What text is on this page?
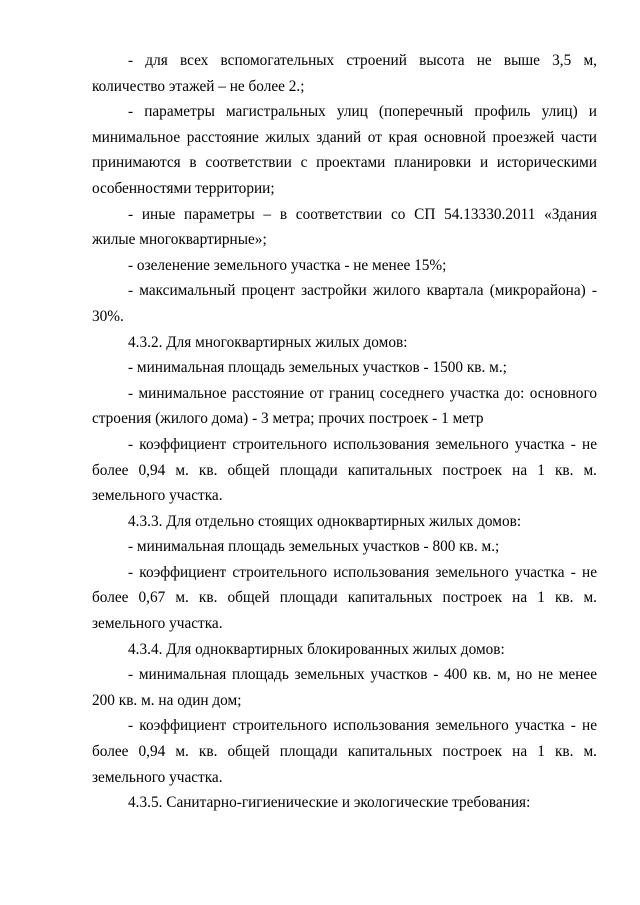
- для всех вспомогательных строений высота не выше 3,5 м, количество этажей – не более 2.;

- параметры магистральных улиц (поперечный профиль улиц) и минимальное расстояние жилых зданий от края основной проезжей части принимаются в соответствии с проектами планировки и историческими особенностями территории;

- иные параметры – в соответствии со СП 54.13330.2011 «Здания жилые многоквартирные»;

- озеленение земельного участка - не менее 15%;

- максимальный процент застройки жилого квартала (микрорайона) - 30%.

4.3.2. Для многоквартирных жилых домов:

- минимальная площадь земельных участков - 1500 кв. м.;

- минимальное расстояние от границ соседнего участка до: основного строения (жилого дома) - 3 метра; прочих построек - 1 метр

- коэффициент строительного использования земельного участка - не более 0,94 м. кв. общей площади капитальных построек на 1 кв. м. земельного участка.

4.3.3. Для отдельно стоящих одноквартирных жилых домов:

- минимальная площадь земельных участков - 800 кв. м.;

- коэффициент строительного использования земельного участка - не более 0,67 м. кв. общей площади капитальных построек на 1 кв. м. земельного участка.

4.3.4. Для одноквартирных блокированных жилых домов:

- минимальная площадь земельных участков - 400 кв. м, но не менее 200 кв. м. на один дом;

- коэффициент строительного использования земельного участка - не более 0,94 м. кв. общей площади капитальных построек на 1 кв. м. земельного участка.

4.3.5. Санитарно-гигиенические и экологические требования:
